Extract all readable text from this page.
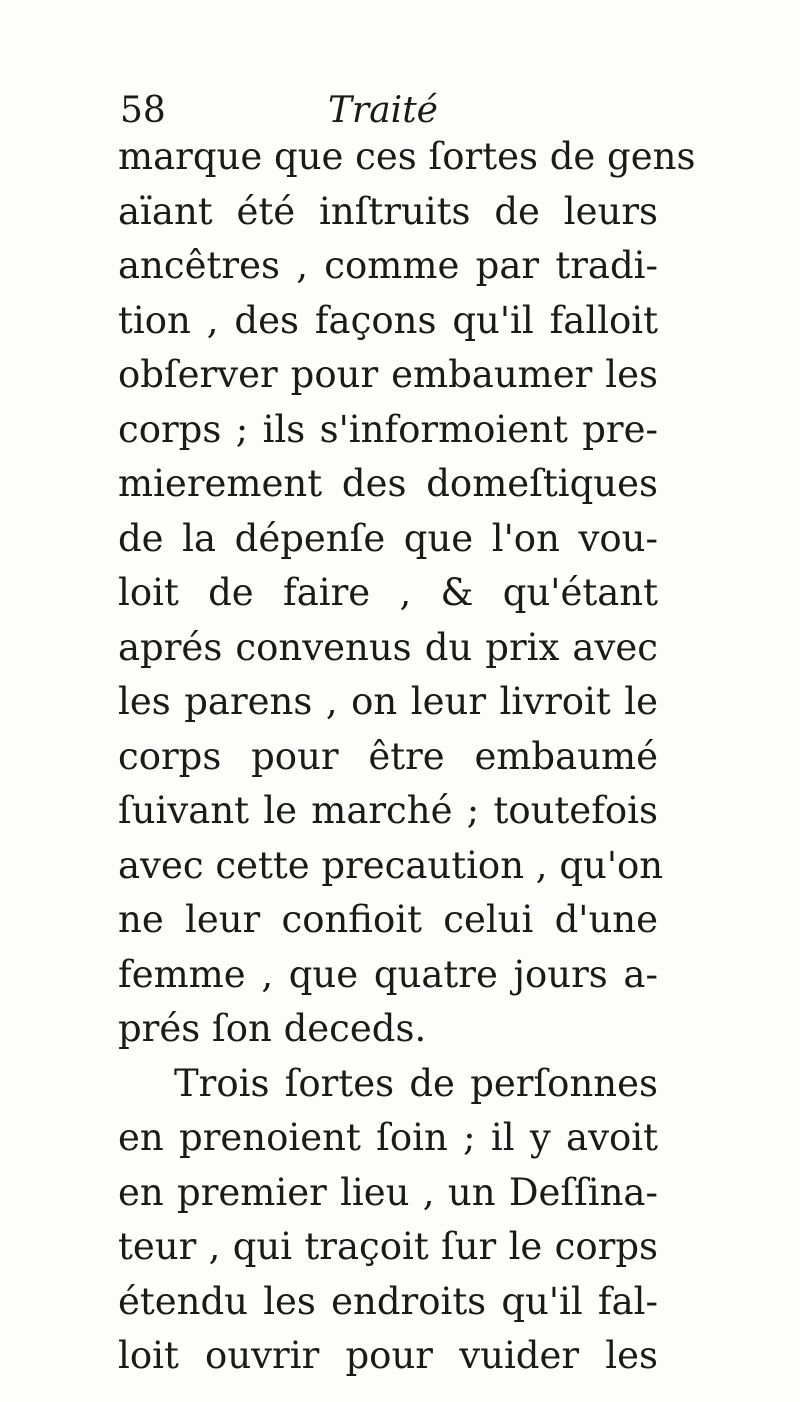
58	Traité
marque que ces ſortes de gens
aïant été inſtruits de leurs
ancêtres , comme par tradi-
tion , des façons qu'il falloit
obſerver pour embaumer les
corps ; ils s'informoient pre-
mierement des domeſtiques
de la dépenſe que l'on vou-
loit de faire , & qu'étant
aprés convenus du prix avec
les parens , on leur livroit le
corps pour être embaumé
ſuivant le marché ; toutefois
avec cette precaution , qu'on
ne leur confioit celui d'une
femme , que quatre jours a-
prés ſon deceds.
Trois ſortes de perſonnes
en prenoient ſoin ; il y avoit
en premier lieu , un Deſſina-
teur , qui traçoit ſur le corps
étendu les endroits qu'il fal-
loit ouvrir pour vuider les
